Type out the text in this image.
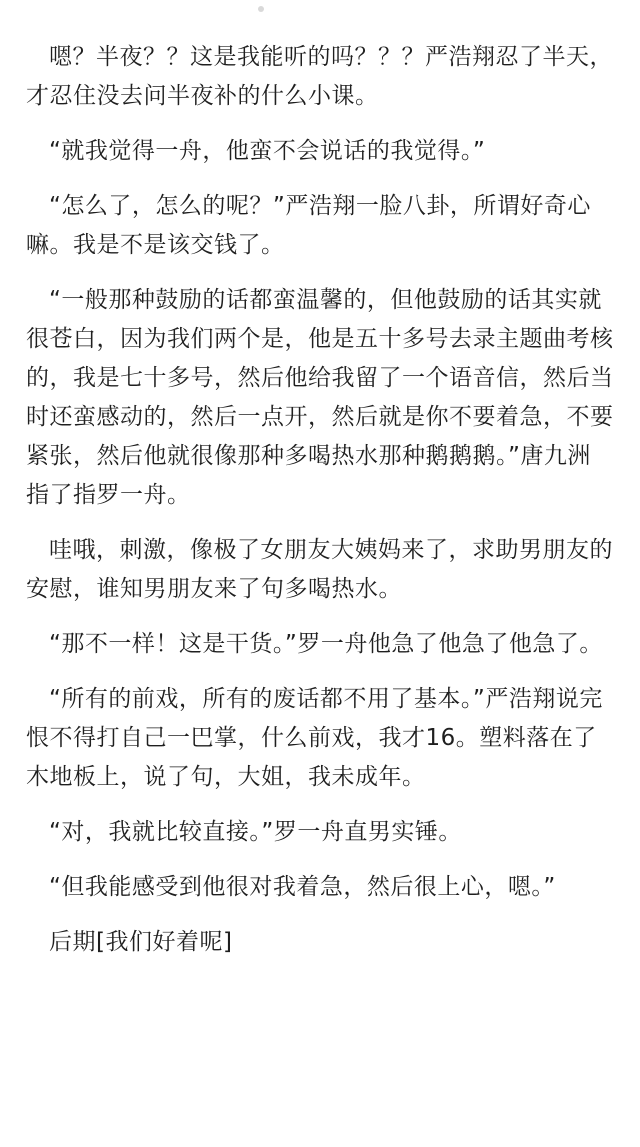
嗯？半夜？？这是我能听的吗？？？严浩翔忍了半天，才忍住没去问半夜补的什么小课。

“就我觉得一舟，他蛮不会说话的我觉得。”

“怎么了，怎么的呢？”严浩翔一脸八卦，所谓好奇心嘛。我是不是该交钱了。

“一般那种鼓励的话都蛮温馨的，但他鼓励的话其实就很苍白，因为我们两个是，他是五十多号去录主题曲考核的，我是七十多号，然后他给我留了一个语音信，然后当时还蛮感动的，然后一点开，然后就是你不要着急，不要紧张，然后他就很像那种多喝热水那种鹅鹅鹅。”唐九洲指了指罗一舟。

哇哦，刺激，像极了女朋友大姨妈来了，求助男朋友的安慰，谁知男朋友来了句多喝热水。

“那不一样！这是干货。”罗一舟他急了他急了他急了。

“所有的前戏，所有的废话都不用了基本。”严浩翔说完恨不得打自己一巴掌，什么前戏，我才16。塑料落在了木地板上，说了句，大姐，我未成年。

“对，我就比较直接。”罗一舟直男实锤。

“但我能感受到他很对我着急，然后很上心，嗯。”

后期[我们好着呢]
